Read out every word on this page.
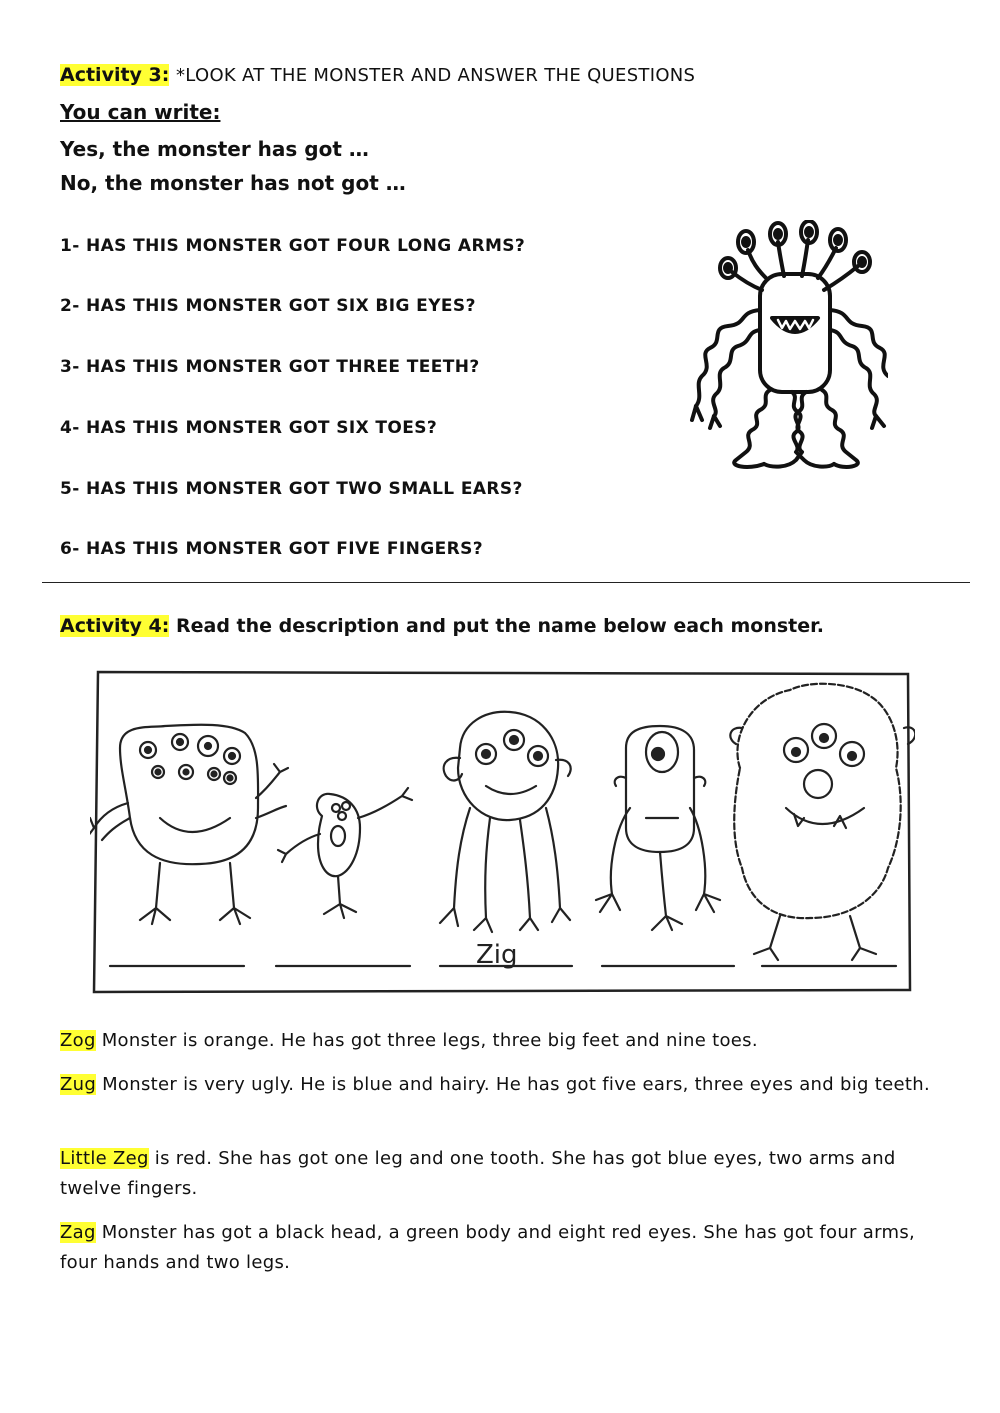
Activity 3: *LOOK AT THE MONSTER AND ANSWER THE QUESTIONS
You can write:
Yes, the monster has got …
No, the monster has not got …
1- HAS THIS MONSTER GOT FOUR LONG ARMS?
2- HAS THIS MONSTER GOT SIX BIG EYES?
3- HAS THIS MONSTER GOT THREE TEETH?
4- HAS THIS MONSTER GOT SIX TOES?
5- HAS THIS MONSTER GOT TWO SMALL EARS?
6- HAS THIS MONSTER GOT FIVE FINGERS?
Activity 4: Read the description and put the name below each monster.
Zig
Zog Monster is orange. He has got three legs, three big feet and nine toes.
Zug Monster is very ugly. He is blue and hairy. He has got five ears, three eyes and big teeth.
Little Zeg is red. She has got one leg and one tooth. She has got blue eyes, two arms and twelve fingers.
Zag Monster has got a black head, a green body and eight red eyes. She has got four arms, four hands and two legs.
